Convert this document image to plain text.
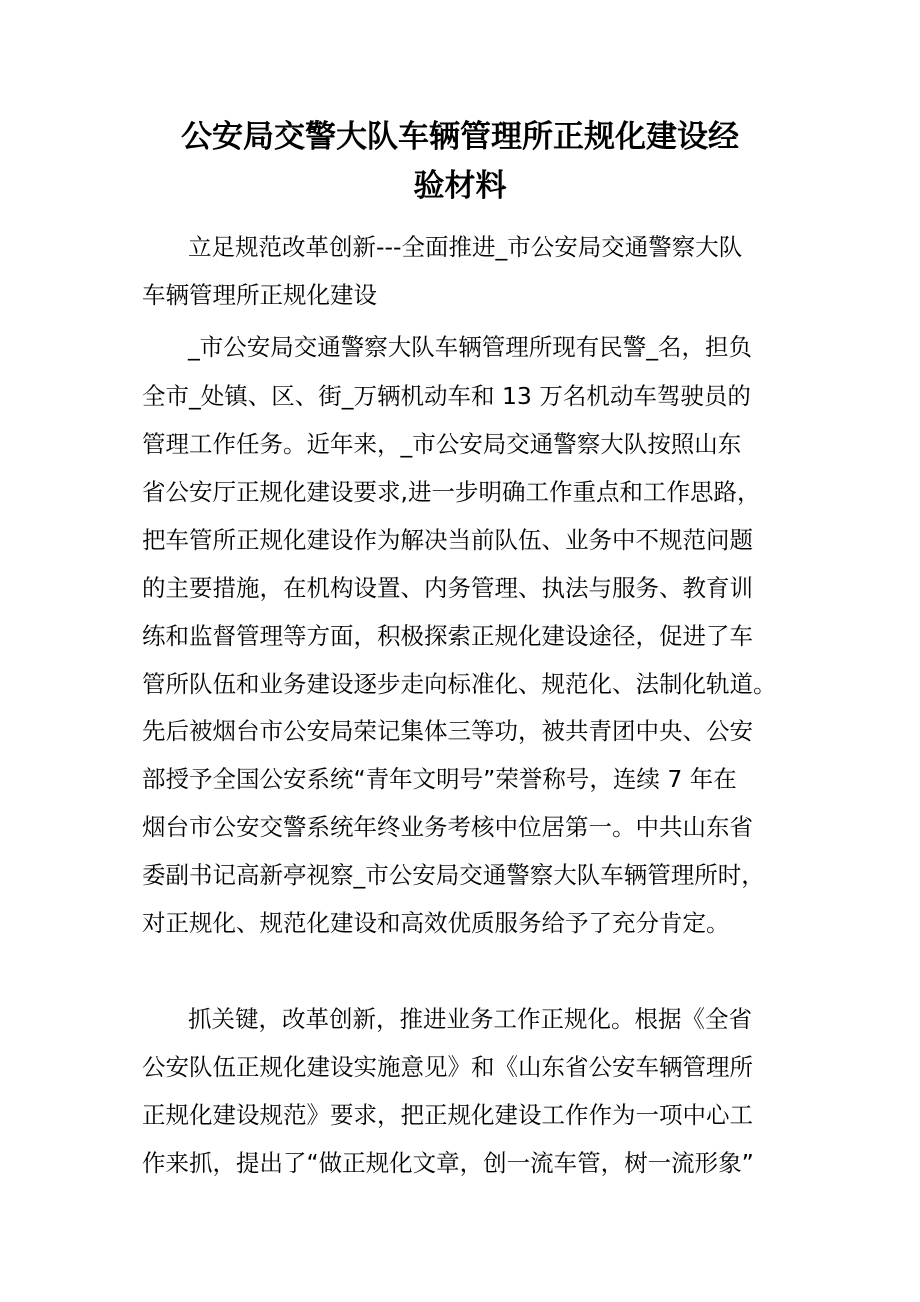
公安局交警大队车辆管理所正规化建设经
验材料

立足规范改革创新---全面推进_市公安局交通警察大队

车辆管理所正规化建设

_市公安局交通警察大队车辆管理所现有民警_名，担负

全市_处镇、区、街_万辆机动车和 13 万名机动车驾驶员的

管理工作任务。近年来，_市公安局交通警察大队按照山东

省公安厅正规化建设要求,进一步明确工作重点和工作思路，

把车管所正规化建设作为解决当前队伍、业务中不规范问题

的主要措施，在机构设置、内务管理、执法与服务、教育训

练和监督管理等方面，积极探索正规化建设途径，促进了车

管所队伍和业务建设逐步走向标准化、规范化、法制化轨道。

先后被烟台市公安局荣记集体三等功，被共青团中央、公安

部授予全国公安系统“青年文明号”荣誉称号，连续 7 年在

烟台市公安交警系统年终业务考核中位居第一。中共山东省

委副书记高新亭视察_市公安局交通警察大队车辆管理所时，

对正规化、规范化建设和高效优质服务给予了充分肯定。

抓关键，改革创新，推进业务工作正规化。根据《全省

公安队伍正规化建设实施意见》和《山东省公安车辆管理所

正规化建设规范》要求，把正规化建设工作作为一项中心工

作来抓，提出了“做正规化文章，创一流车管，树一流形象”
